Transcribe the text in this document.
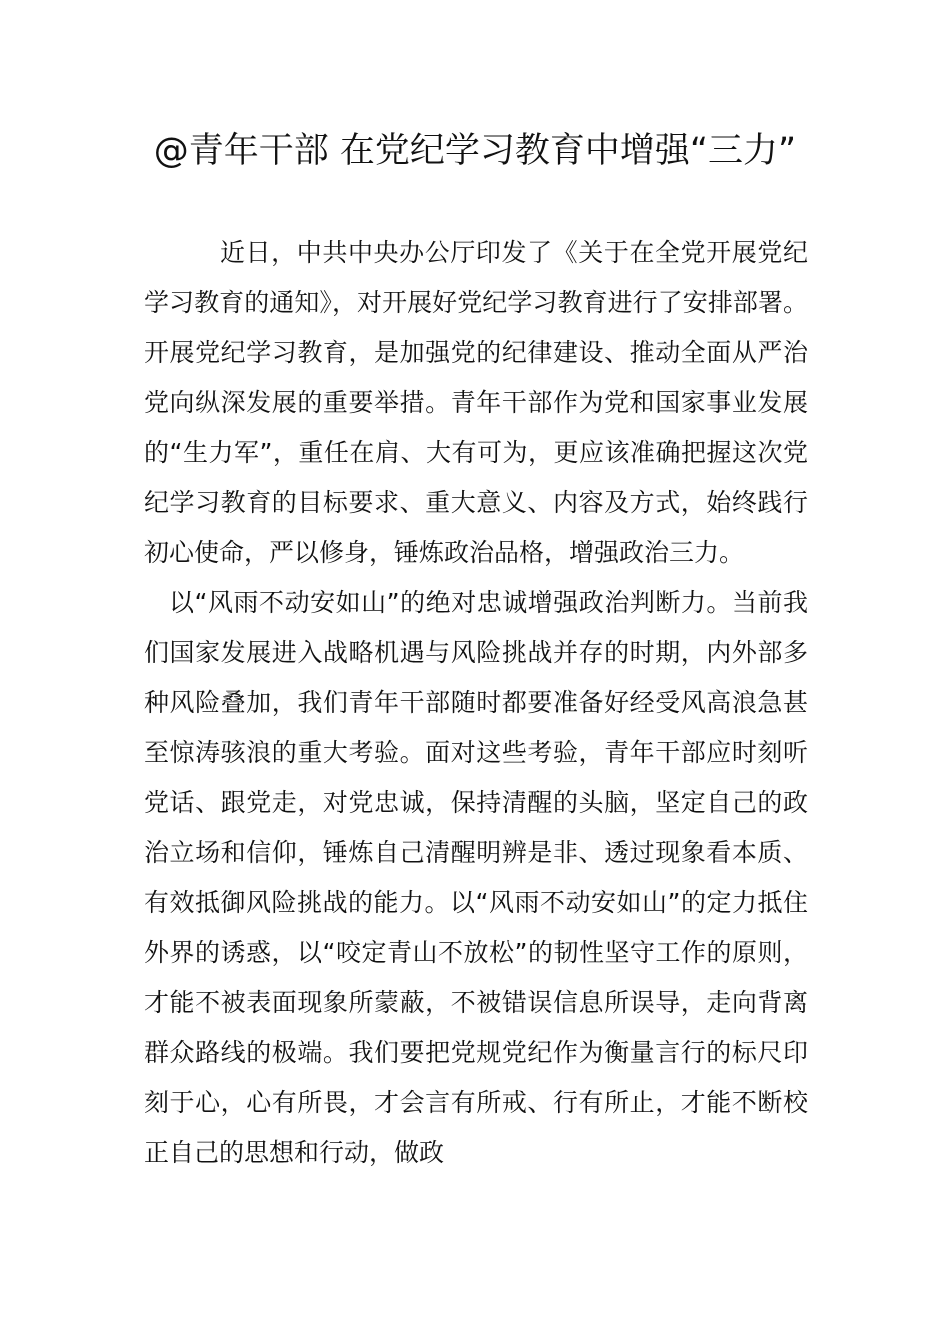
@青年干部 在党纪学习教育中增强“三力”

近日，中共中央办公厅印发了《关于在全党开展党纪学习教育的通知》，对开展好党纪学习教育进行了安排部署。开展党纪学习教育，是加强党的纪律建设、推动全面从严治党向纵深发展的重要举措。青年干部作为党和国家事业发展的“生力军”，重任在肩、大有可为，更应该准确把握这次党纪学习教育的目标要求、重大意义、内容及方式，始终践行初心使命，严以修身，锤炼政治品格，增强政治三力。

以“风雨不动安如山”的绝对忠诚增强政治判断力。当前我们国家发展进入战略机遇与风险挑战并存的时期，内外部多种风险叠加，我们青年干部随时都要准备好经受风高浪急甚至惊涛骇浪的重大考验。面对这些考验，青年干部应时刻听党话、跟党走，对党忠诚，保持清醒的头脑，坚定自己的政治立场和信仰，锤炼自己清醒明辨是非、透过现象看本质、有效抵御风险挑战的能力。以“风雨不动安如山”的定力抵住外界的诱惑，以“咬定青山不放松”的韧性坚守工作的原则，才能不被表面现象所蒙蔽，不被错误信息所误导，走向背离群众路线的极端。我们要把党规党纪作为衡量言行的标尺印刻于心，心有所畏，才会言有所戒、行有所止，才能不断校正自己的思想和行动，做政
